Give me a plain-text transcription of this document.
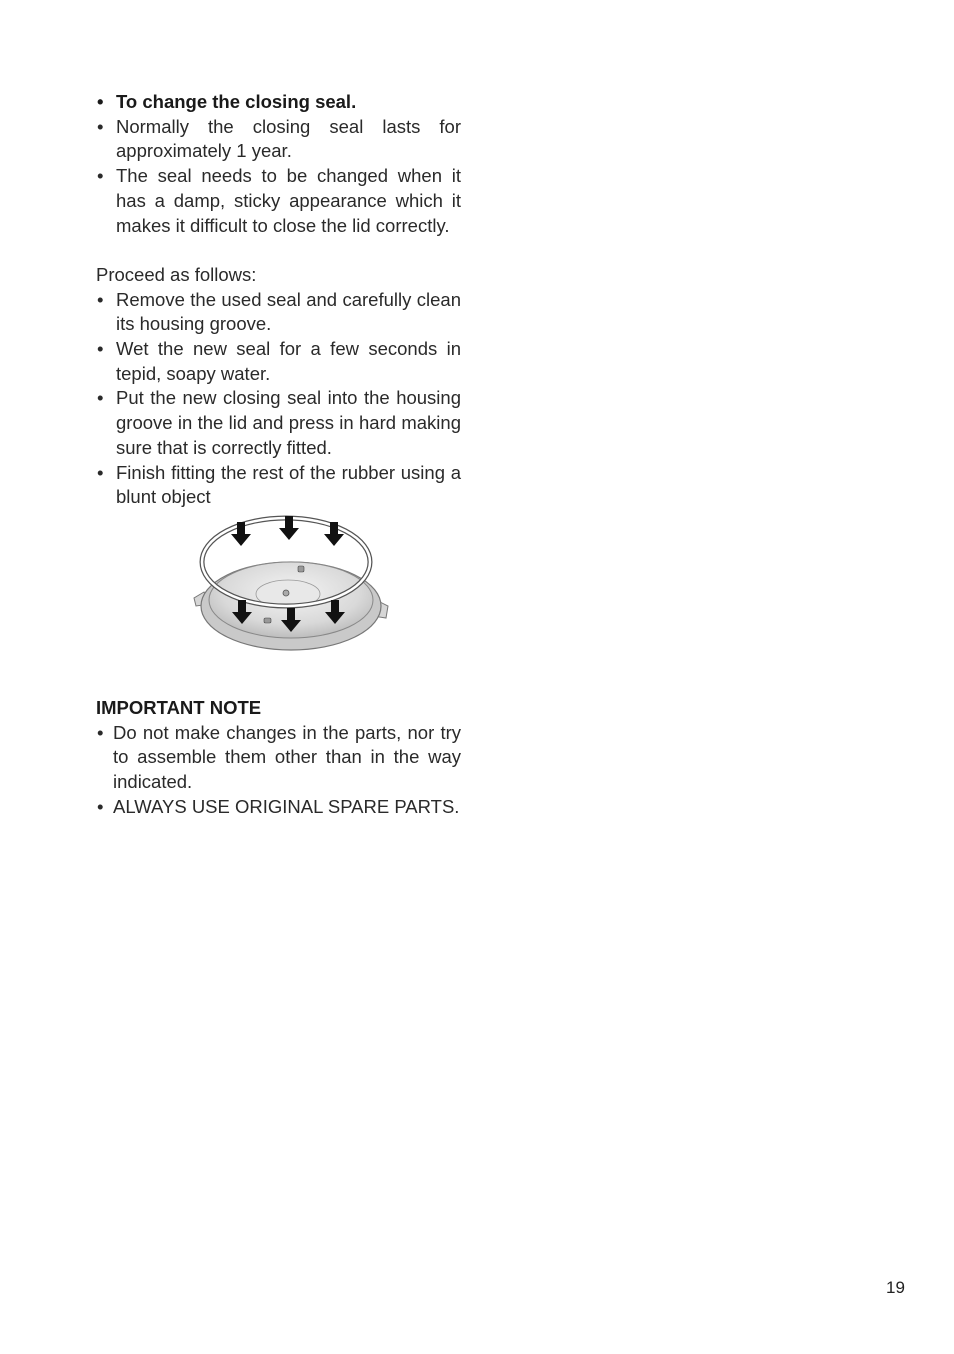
• To change the closing seal.
• Normally the closing seal lasts for approximately 1 year.
• The seal needs to be changed when it has a damp, sticky appearance which it makes it difficult to close the lid correctly.
Proceed as follows:
• Remove the used seal and carefully clean its housing groove.
• Wet the new seal for a few seconds in tepid, soapy water.
• Put the new closing seal into the housing groove in the lid and press in hard making sure that is correctly fitted.
• Finish fitting the rest of the rubber using a blunt object
IMPORTANT NOTE
• Do not make changes in the parts, nor try to assemble them other than in the way indicated.
• ALWAYS USE ORIGINAL SPARE PARTS.
19
